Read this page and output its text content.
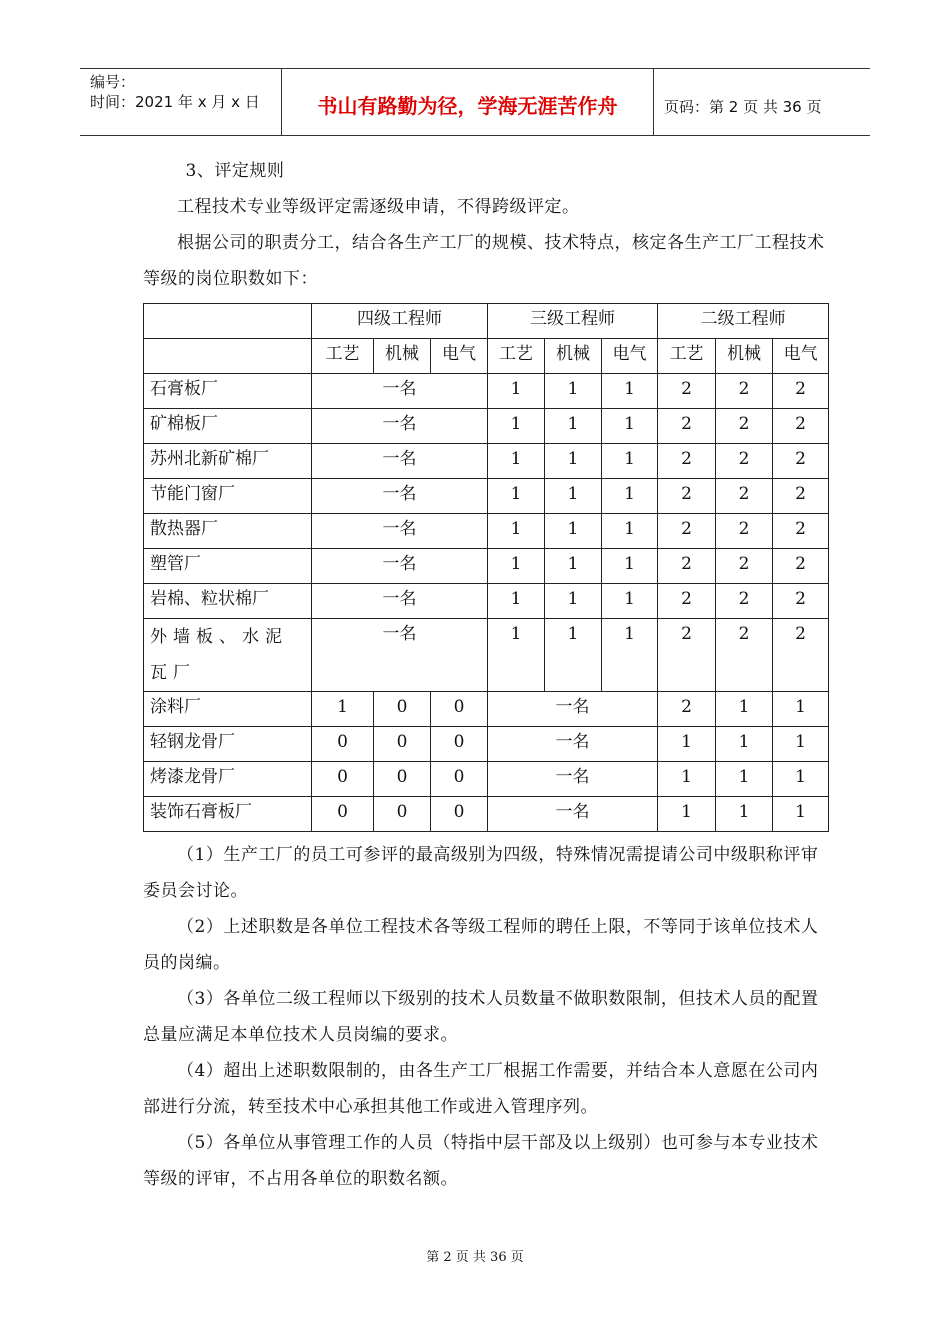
编号：
时间：2021 年 x 月 x 日	书山有路勤为径，学海无涯苦作舟	页码：第 2 页 共 36 页

3、评定规则

工程技术专业等级评定需逐级申请，不得跨级评定。

根据公司的职责分工，结合各生产工厂的规模、技术特点，核定各生产工厂工程技术等级的岗位职数如下：

	四级工程师			三级工程师			二级工程师		
	工艺	机械	电气	工艺	机械	电气	工艺	机械	电气
石膏板厂	一名			1	1	1	2	2	2
矿棉板厂	一名			1	1	1	2	2	2
苏州北新矿棉厂	一名			1	1	1	2	2	2
节能门窗厂	一名			1	1	1	2	2	2
散热器厂	一名			1	1	1	2	2	2
塑管厂	一名			1	1	1	2	2	2
岩棉、粒状棉厂	一名			1	1	1	2	2	2
外墙板、水泥瓦厂	一名			1	1	1	2	2	2
涂料厂	1	0	0	一名			2	1	1
轻钢龙骨厂	0	0	0	一名			1	1	1
烤漆龙骨厂	0	0	0	一名			1	1	1
装饰石膏板厂	0	0	0	一名			1	1	1

（1）生产工厂的员工可参评的最高级别为四级，特殊情况需提请公司中级职称评审委员会讨论。

（2）上述职数是各单位工程技术各等级工程师的聘任上限，不等同于该单位技术人员的岗编。

（3）各单位二级工程师以下级别的技术人员数量不做职数限制，但技术人员的配置总量应满足本单位技术人员岗编的要求。

（4）超出上述职数限制的，由各生产工厂根据工作需要，并结合本人意愿在公司内部进行分流，转至技术中心承担其他工作或进入管理序列。

（5）各单位从事管理工作的人员（特指中层干部及以上级别）也可参与本专业技术等级的评审，不占用各单位的职数名额。

第 2 页 共 36 页
